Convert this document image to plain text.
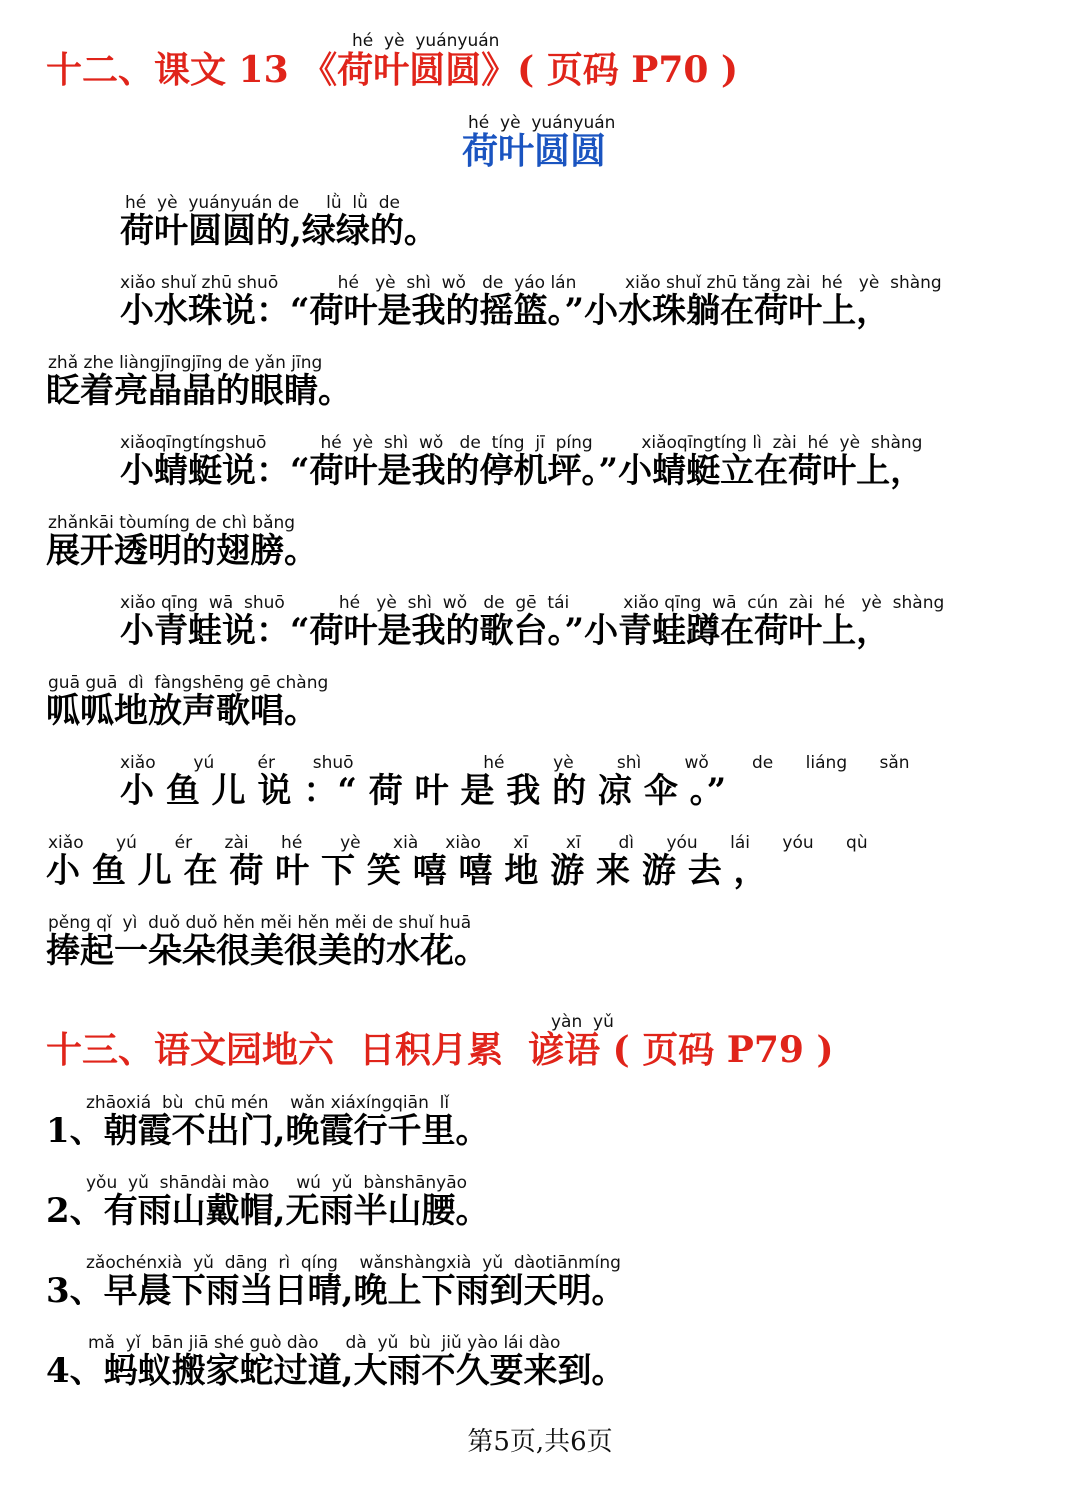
hé  yè  yuányuán
十二、课文 13 《荷叶圆圆》( 页码 P70 )
hé  yè  yuányuán
荷叶圆圆
hé  yè  yuányuán de     lǜ  lǜ  de
荷叶圆圆的,绿绿的。
xiǎo shuǐ zhū shuō           hé   yè  shì  wǒ   de  yáo lán         xiǎo shuǐ zhū tǎng zài  hé   yè  shàng
小水珠说：“荷叶是我的摇篮。”小水珠躺在荷叶上，
zhǎ zhe liàngjīngjīng de yǎn jīng
眨着亮晶晶的眼睛。
xiǎoqīngtíngshuō          hé  yè  shì  wǒ   de  tíng  jī  píng         xiǎoqīngtíng lì  zài  hé  yè  shàng
小蜻蜓说：“荷叶是我的停机坪。”小蜻蜓立在荷叶上，
zhǎnkāi tòumíng de chì bǎng
展开透明的翅膀。
xiǎo qīng  wā  shuō          hé   yè  shì  wǒ   de  gē  tái          xiǎo qīng  wā  cún  zài  hé   yè  shàng
小青蛙说：“荷叶是我的歌台。”小青蛙蹲在荷叶上，
guā guā  dì  fàngshēng gē chàng
呱呱地放声歌唱。
xiǎo       yú        ér       shuō                        hé         yè        shì        wǒ        de      liáng      sǎn
小 鱼 儿 说 ：“ 荷 叶 是 我 的 凉 伞 。”
xiǎo      yú       ér      zài      hé       yè      xià     xiào      xī       xī       dì      yóu      lái      yóu      qù
小 鱼 儿 在 荷 叶 下 笑 嘻 嘻 地 游 来 游 去 ，
pěng qǐ  yì  duǒ duǒ hěn měi hěn měi de shuǐ huā
捧起一朵朵很美很美的水花。
yàn  yǔ
十三、语文园地六  日积月累  谚语 ( 页码 P79 )
zhāoxiá  bù  chū mén    wǎn xiáxíngqiān  lǐ
1、朝霞不出门,晚霞行千里。
yǒu  yǔ  shāndài mào     wú  yǔ  bànshānyāo
2、有雨山戴帽,无雨半山腰。
zǎochénxià  yǔ  dāng  rì  qíng    wǎnshàngxià  yǔ  dàotiānmíng
3、早晨下雨当日晴,晚上下雨到天明。
mǎ  yǐ  bān jiā shé guò dào     dà  yǔ  bù  jiǔ yào lái dào
4、蚂蚁搬家蛇过道,大雨不久要来到。
第5页,共6页
